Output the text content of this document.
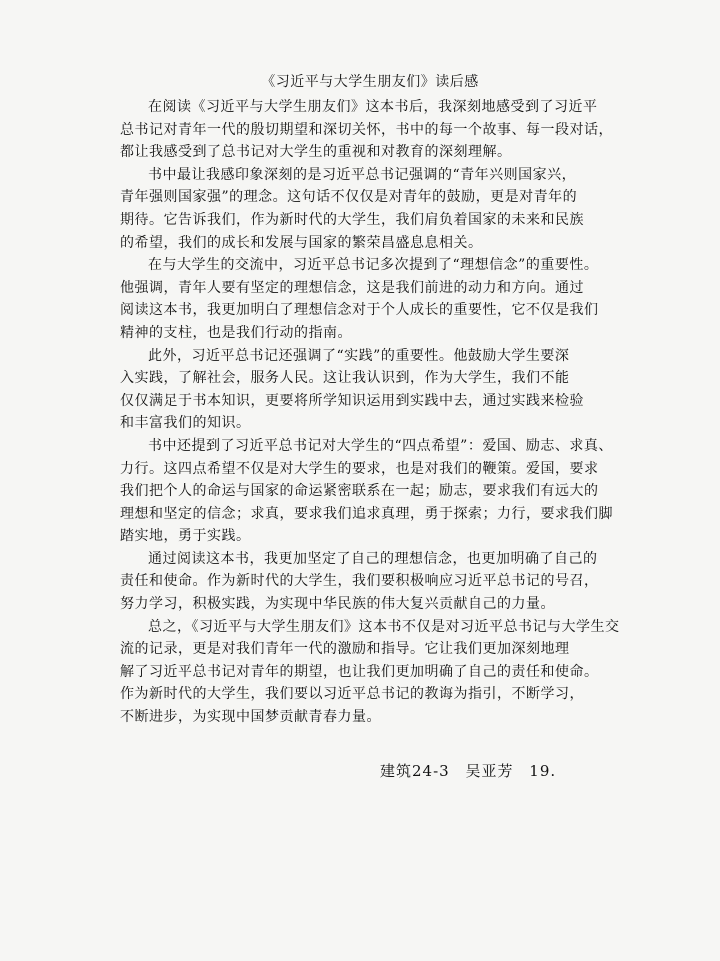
《习近平与大学生朋友们》读后感
在阅读《习近平与大学生朋友们》这本书后，我深刻地感受到了习近平
总书记对青年一代的殷切期望和深切关怀，书中的每一个故事、每一段对话，
都让我感受到了总书记对大学生的重视和对教育的深刻理解。
书中最让我感印象深刻的是习近平总书记强调的“青年兴则国家兴，
青年强则国家强”的理念。这句话不仅仅是对青年的鼓励，更是对青年的
期待。它告诉我们，作为新时代的大学生，我们肩负着国家的未来和民族
的希望，我们的成长和发展与国家的繁荣昌盛息息相关。
在与大学生的交流中，习近平总书记多次提到了“理想信念”的重要性。
他强调，青年人要有坚定的理想信念，这是我们前进的动力和方向。通过
阅读这本书，我更加明白了理想信念对于个人成长的重要性，它不仅是我们
精神的支柱，也是我们行动的指南。
此外，习近平总书记还强调了“实践”的重要性。他鼓励大学生要深
入实践，了解社会，服务人民。这让我认识到，作为大学生，我们不能
仅仅满足于书本知识，更要将所学知识运用到实践中去，通过实践来检验
和丰富我们的知识。
书中还提到了习近平总书记对大学生的“四点希望”：爱国、励志、求真、
力行。这四点希望不仅是对大学生的要求，也是对我们的鞭策。爱国，要求
我们把个人的命运与国家的命运紧密联系在一起；励志，要求我们有远大的
理想和坚定的信念；求真，要求我们追求真理，勇于探索；力行，要求我们脚
踏实地，勇于实践。
通过阅读这本书，我更加坚定了自己的理想信念，也更加明确了自己的
责任和使命。作为新时代的大学生，我们要积极响应习近平总书记的号召，
努力学习，积极实践，为实现中华民族的伟大复兴贡献自己的力量。
总之，《习近平与大学生朋友们》这本书不仅是对习近平总书记与大学生交
流的记录，更是对我们青年一代的激励和指导。它让我们更加深刻地理
解了习近平总书记对青年的期望，也让我们更加明确了自己的责任和使命。
作为新时代的大学生，我们要以习近平总书记的教诲为指引，不断学习，
不断进步，为实现中国梦贡献青春力量。
建筑24-3 吴亚芳 19.
